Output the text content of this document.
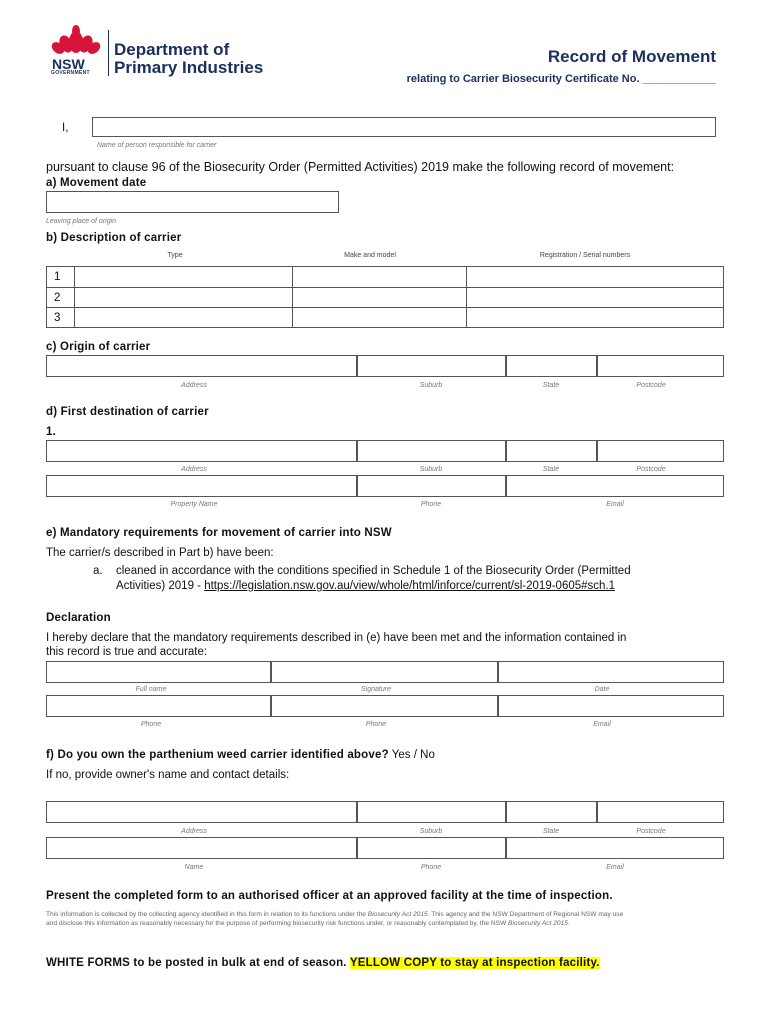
NSW
GOVERNMENT
Department of
Primary Industries
Record of Movement
relating to Carrier Biosecurity Certificate No. ____________
I,
Name of person responsible for carrier
pursuant to clause 96 of the Biosecurity Order (Permitted Activities) 2019 make the following record of movement:
a) Movement date
Leaving place of origin
b) Description of carrier
Type	Make and model	Registration / Serial numbers
1
2
3
c) Origin of carrier
Address	Suburb	State	Postcode
d) First destination of carrier
1.
Address	Suburb	State	Postcode
Property Name	Phone	Email
e) Mandatory requirements for movement of carrier into NSW
The carrier/s described in Part b) have been:
a. cleaned in accordance with the conditions specified in Schedule 1 of the Biosecurity Order (Permitted
Activities) 2019 - https://legislation.nsw.gov.au/view/whole/html/inforce/current/sl-2019-0605#sch.1
Declaration
I hereby declare that the mandatory requirements described in (e) have been met and the information contained in
this record is true and accurate:
Full name	Signature	Date
Phone	Phone	Email
f) Do you own the parthenium weed carrier identified above? Yes / No
If no, provide owner's name and contact details:
Address	Suburb	State	Postcode
Name	Phone	Email
Present the completed form to an authorised officer at an approved facility at the time of inspection.
This information is collected by the collecting agency identified in this form in relation to its functions under the Biosecurity Act 2015. This agency and the NSW Department of Regional NSW may use
and disclose this information as reasonably necessary for the purpose of performing biosecurity risk functions under, or reasonably contemplated by, the NSW Biosecurity Act 2015.
WHITE FORMS to be posted in bulk at end of season. YELLOW COPY to stay at inspection facility.
